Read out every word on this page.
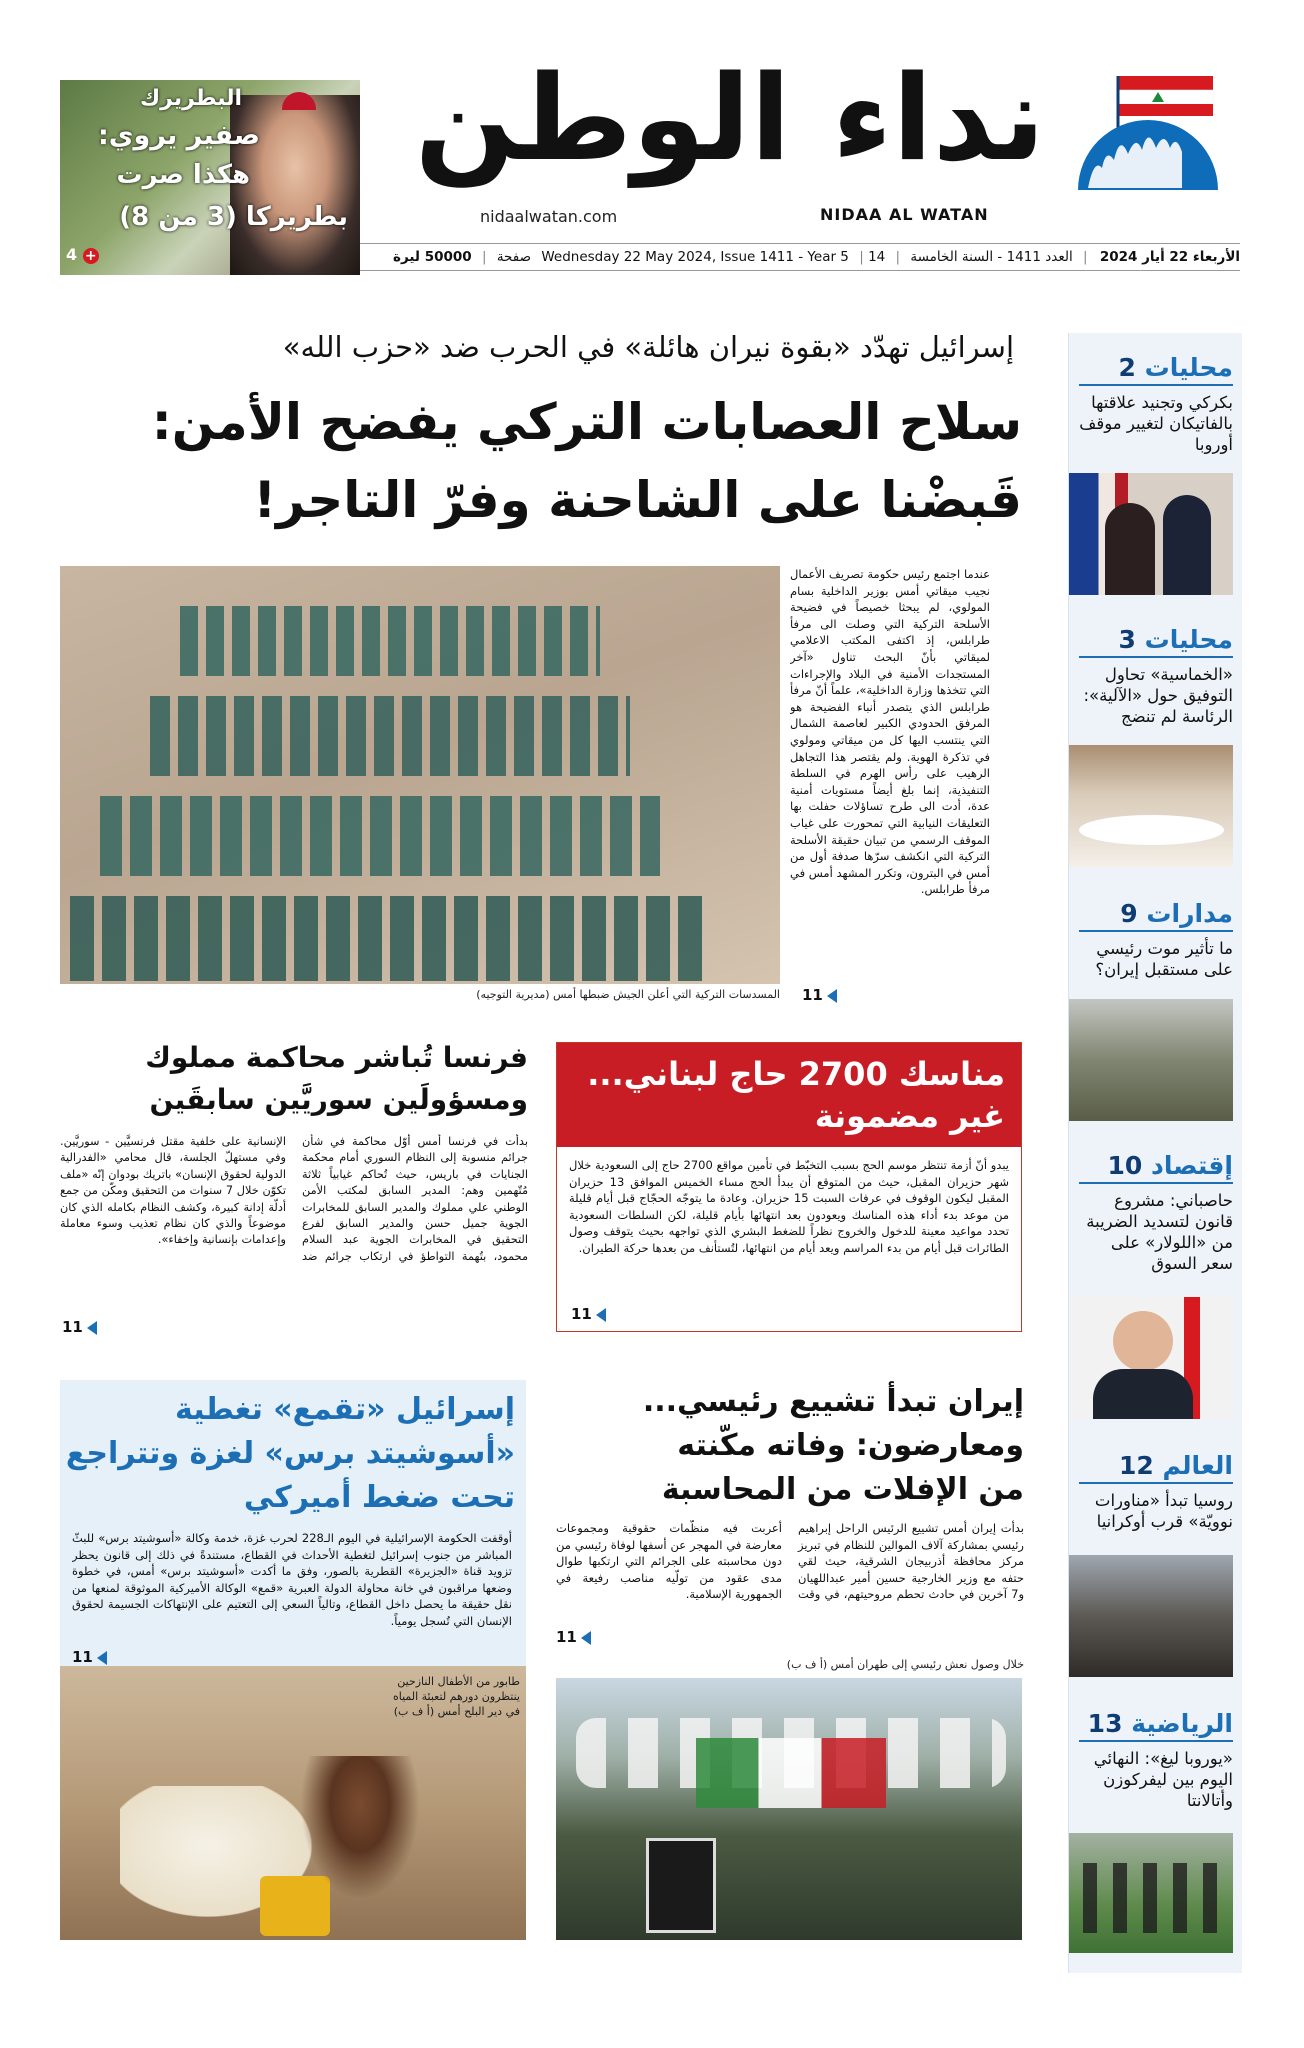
نداء الوطن
NIDAA AL WATAN
nidaalwatan.com
البطريرك
صفير يروي:
هكذا صرت
بطريركا (3 من 8)
4 +	الأربعاء 22 أيار 2024 | العدد 1411 - السنة الخامسة | Wednesday 22 May 2024, Issue 1411 - Year 5 | 14 صفحة | 50000 ليرة
إسرائيل تهدّد «بقوة نيران هائلة» في الحرب ضد «حزب الله»
سلاح العصابات التركي يفضح الأمن:
قَبضْنا على الشاحنة وفرّ التاجر!
المسدسات التركية التي أعلن الجيش ضبطها أمس (مديرية التوجيه)
عندما اجتمع رئيس حكومة تصريف الأعمال نجيب ميقاتي أمس بوزير الداخلية بسام المولوي، لم يبحثا خصيصاً في فضيحة الأسلحة التركية التي وصلت الى مرفأ طرابلس، إذ اكتفى المكتب الاعلامي لميقاتي بأنّ البحث تناول «آخر المستجدات الأمنية في البلاد والإجراءات التي تتخذها وزارة الداخلية»، علماً أنّ مرفأ طرابلس الذي يتصدر أنباء الفضيحة هو المرفق الحدودي الكبير لعاصمة الشمال التي ينتسب اليها كل من ميقاتي ومولوي في تذكرة الهوية. ولم يقتصر هذا التجاهل الرهيب على رأس الهرم في السلطة التنفيذية، إنما بلغ أيضاً مستويات أمنية عدة، أدت الى طرح تساؤلات حفلت بها التعليقات النيابية التي تمحورت على غياب الموقف الرسمي من تبيان حقيقة الأسلحة التركية التي انكشف سرّها صدفة أول من أمس في البترون، وتكرر المشهد أمس في مرفأ طرابلس.
11
مناسك 2700 حاج لبناني...
غير مضمونة
يبدو أنّ أزمة تنتظر موسم الحج بسبب التخبّط في تأمين مواقع 2700 حاج إلى السعودية خلال شهر حزيران المقبل، حيث من المتوقع أن يبدأ الحج مساء الخميس الموافق 13 حزيران المقبل ليكون الوقوف في عرفات السبت 15 حزيران. وعادة ما يتوجّه الحجّاج قبل أيام قليلة من موعد بدء أداء هذه المناسك ويعودون بعد انتهائها بأيام قليلة، لكن السلطات السعودية تحدد مواعيد معينة للدخول والخروج نظراً للضغط البشري الذي تواجهه بحيث يتوقف وصول الطائرات قبل أيام من بدء المراسم ويعد أيام من انتهائها، لتُستأنف من بعدها حركة الطيران.
11
فرنسا تُباشر محاكمة مملوك
ومسؤولَين سوريَّين سابقَين
بدأت في فرنسا أمس أوّل محاكمة في شأن جرائم منسوبة إلى النظام السوري أمام محكمة الجنايات في باريس، حيث تُحاكم غيابياً ثلاثة مُتّهمين وهم: المدير السابق لمكتب الأمن الوطني علي مملوك والمدير السابق للمخابرات الجوية جميل حسن والمدير السابق لفرع التحقيق في المخابرات الجوية عبد السلام محمود، بتُهمة التواطؤ في ارتكاب جرائم ضد الإنسانية على خلفية مقتل فرنسيَّين - سوريَّين. وفي مستهلّ الجلسة، قال محامي «الفدرالية الدولية لحقوق الإنسان» باتريك بودوان إنّه «ملف تكوّن خلال 7 سنوات من التحقيق ومكّن من جمع أدلّة إدانة كبيرة، وكشف النظام بكامله الذي كان موضوعاً والذي كان نظام تعذيب وسوء معاملة وإعدامات بإنسانية وإخفاء».
11
إيران تبدأ تشييع رئيسي...
ومعارضون: وفاته مكّنته
من الإفلات من المحاسبة
بدأت إيران أمس تشييع الرئيس الراحل إبراهيم رئيسي بمشاركة آلاف الموالين للنظام في تبريز مركز محافظة أذربيجان الشرقية، حيث لقي حتفه مع وزير الخارجية حسين أمير عبداللهيان و7 آخرين في حادث تحطم مروحيتهم، في وقت أعربت فيه منظّمات حقوقية ومجموعات معارضة في المهجر عن أسفها لوفاة رئيسي من دون محاسبته على الجرائم التي ارتكبها طوال مدى عقود من تولّيه مناصب رفيعة في الجمهورية الإسلامية.
11
خلال وصول نعش رئيسي إلى طهران أمس (أ ف ب)
إسرائيل «تقمع» تغطية
«أسوشيتد برس» لغزة وتتراجع
تحت ضغط أميركي
أوقفت الحكومة الإسرائيلية في اليوم الـ228 لحرب غزة، خدمة وكالة «أسوشيتد برس» للبثّ المباشر من جنوب إسرائيل لتغطية الأحداث في القطاع، مستندةً في ذلك إلى قانون يحظر تزويد قناة «الجزيرة» القطرية بالصور، وفق ما أكدت «أسوشيتد برس» أمس، في خطوة وضعها مراقبون في خانة محاولة الدولة العبرية «قمع» الوكالة الأميركية الموثوقة لمنعها من نقل حقيقة ما يحصل داخل القطاع، وتالياً السعي إلى التعتيم على الإنتهاكات الجسيمة لحقوق الإنسان التي تُسجل يومياً.
11
طابور من الأطفال النازحين ينتظرون دورهم لتعبئة المياه في دير البلح أمس (أ ف ب)
محليات 2
بكركي وتجنيد علاقتها بالفاتيكان لتغيير موقف أوروبا
محليات 3
«الخماسية» تحاول التوفيق حول «الآلية»: الرئاسة لم تنضج
مدارات 9
ما تأثير موت رئيسي على مستقبل إيران؟
إقتصاد 10
حاصباني: مشروع قانون لتسديد الضريبة من «اللولار» على سعر السوق
العالم 12
روسيا تبدأ «مناورات نوويّة» قرب أوكرانيا
الرياضية 13
«يوروبا ليغ»: النهائي اليوم بين ليفركوزن وأتالانتا
